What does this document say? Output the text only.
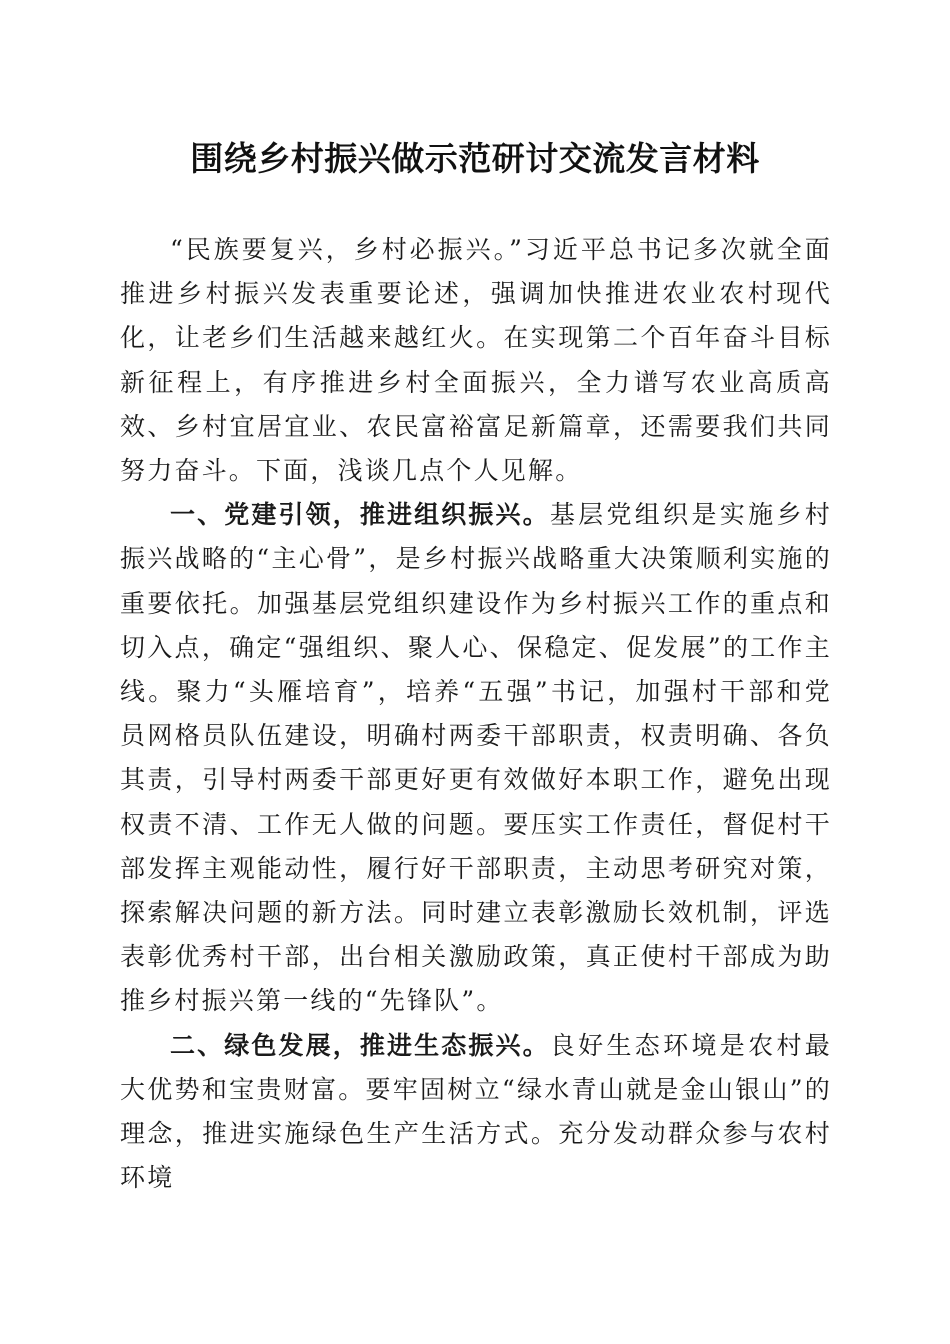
围绕乡村振兴做示范研讨交流发言材料

“民族要复兴，乡村必振兴。”习近平总书记多次就全面推进乡村振兴发表重要论述，强调加快推进农业农村现代化，让老乡们生活越来越红火。在实现第二个百年奋斗目标新征程上，有序推进乡村全面振兴，全力谱写农业高质高效、乡村宜居宜业、农民富裕富足新篇章，还需要我们共同努力奋斗。下面，浅谈几点个人见解。

一、党建引领，推进组织振兴。基层党组织是实施乡村振兴战略的“主心骨”，是乡村振兴战略重大决策顺利实施的重要依托。加强基层党组织建设作为乡村振兴工作的重点和切入点，确定“强组织、聚人心、保稳定、促发展”的工作主线。聚力“头雁培育”，培养“五强”书记，加强村干部和党员网格员队伍建设，明确村两委干部职责，权责明确、各负其责，引导村两委干部更好更有效做好本职工作，避免出现权责不清、工作无人做的问题。要压实工作责任，督促村干部发挥主观能动性，履行好干部职责，主动思考研究对策，探索解决问题的新方法。同时建立表彰激励长效机制，评选表彰优秀村干部，出台相关激励政策，真正使村干部成为助推乡村振兴第一线的“先锋队”。

二、绿色发展，推进生态振兴。良好生态环境是农村最大优势和宝贵财富。要牢固树立“绿水青山就是金山银山”的理念，推进实施绿色生产生活方式。充分发动群众参与农村环境
